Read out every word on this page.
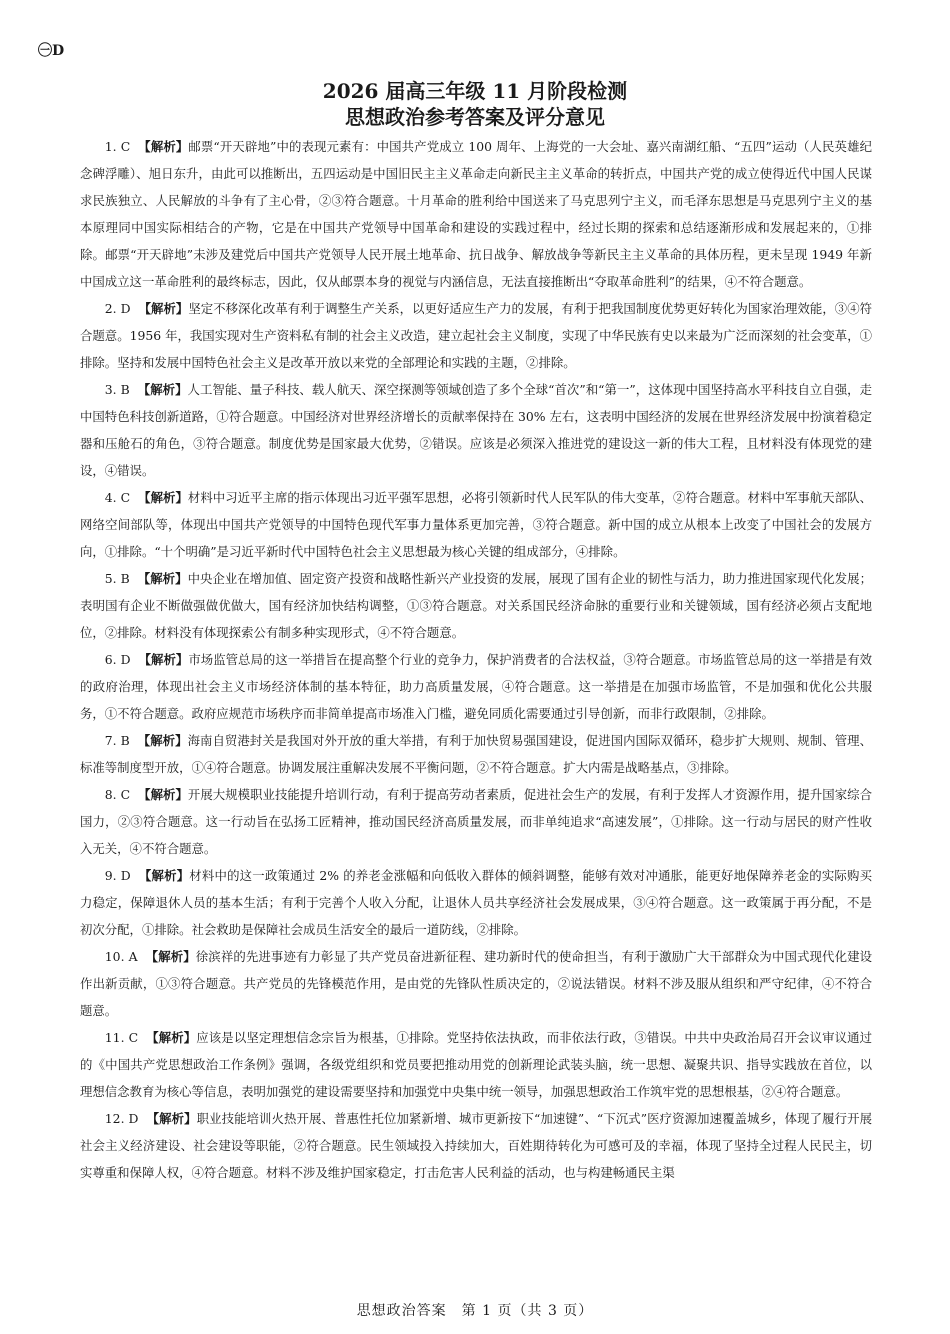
㊀D
2026 届高三年级 11 月阶段检测
思想政治参考答案及评分意见

1. C 【解析】邮票“开天辟地”中的表现元素有：中国共产党成立 100 周年、上海党的一大会址、嘉兴南湖红船、“五四”运动（人民英雄纪念碑浮雕）、旭日东升，由此可以推断出，五四运动是中国旧民主主义革命走向新民主主义革命的转折点，中国共产党的成立使得近代中国人民谋求民族独立、人民解放的斗争有了主心骨，②③符合题意。十月革命的胜利给中国送来了马克思列宁主义，而毛泽东思想是马克思列宁主义的基本原理同中国实际相结合的产物，它是在中国共产党领导中国革命和建设的实践过程中，经过长期的探索和总结逐渐形成和发展起来的，①排除。邮票“开天辟地”未涉及建党后中国共产党领导人民开展土地革命、抗日战争、解放战争等新民主主义革命的具体历程，更未呈现 1949 年新中国成立这一革命胜利的最终标志，因此，仅从邮票本身的视觉与内涵信息，无法直接推断出“夺取革命胜利”的结果，④不符合题意。

2. D 【解析】坚定不移深化改革有利于调整生产关系，以更好适应生产力的发展，有利于把我国制度优势更好转化为国家治理效能，③④符合题意。1956 年，我国实现对生产资料私有制的社会主义改造，建立起社会主义制度，实现了中华民族有史以来最为广泛而深刻的社会变革，①排除。坚持和发展中国特色社会主义是改革开放以来党的全部理论和实践的主题，②排除。

3. B 【解析】人工智能、量子科技、载人航天、深空探测等领域创造了多个全球“首次”和“第一”，这体现中国坚持高水平科技自立自强，走中国特色科技创新道路，①符合题意。中国经济对世界经济增长的贡献率保持在 30% 左右，这表明中国经济的发展在世界经济发展中扮演着稳定器和压舱石的角色，③符合题意。制度优势是国家最大优势，②错误。应该是必须深入推进党的建设这一新的伟大工程，且材料没有体现党的建设，④错误。

4. C 【解析】材料中习近平主席的指示体现出习近平强军思想，必将引领新时代人民军队的伟大变革，②符合题意。材料中军事航天部队、网络空间部队等，体现出中国共产党领导的中国特色现代军事力量体系更加完善，③符合题意。新中国的成立从根本上改变了中国社会的发展方向，①排除。“十个明确”是习近平新时代中国特色社会主义思想最为核心关键的组成部分，④排除。

5. B 【解析】中央企业在增加值、固定资产投资和战略性新兴产业投资的发展，展现了国有企业的韧性与活力，助力推进国家现代化发展；表明国有企业不断做强做优做大，国有经济加快结构调整，①③符合题意。对关系国民经济命脉的重要行业和关键领域，国有经济必须占支配地位，②排除。材料没有体现探索公有制多种实现形式，④不符合题意。

6. D 【解析】市场监管总局的这一举措旨在提高整个行业的竞争力，保护消费者的合法权益，③符合题意。市场监管总局的这一举措是有效的政府治理，体现出社会主义市场经济体制的基本特征，助力高质量发展，④符合题意。这一举措是在加强市场监管，不是加强和优化公共服务，①不符合题意。政府应规范市场秩序而非简单提高市场准入门槛，避免同质化需要通过引导创新，而非行政限制，②排除。

7. B 【解析】海南自贸港封关是我国对外开放的重大举措，有利于加快贸易强国建设，促进国内国际双循环，稳步扩大规则、规制、管理、标准等制度型开放，①④符合题意。协调发展注重解决发展不平衡问题，②不符合题意。扩大内需是战略基点，③排除。

8. C 【解析】开展大规模职业技能提升培训行动，有利于提高劳动者素质，促进社会生产的发展，有利于发挥人才资源作用，提升国家综合国力，②③符合题意。这一行动旨在弘扬工匠精神，推动国民经济高质量发展，而非单纯追求“高速发展”，①排除。这一行动与居民的财产性收入无关，④不符合题意。

9. D 【解析】材料中的这一政策通过 2% 的养老金涨幅和向低收入群体的倾斜调整，能够有效对冲通胀，能更好地保障养老金的实际购买力稳定，保障退休人员的基本生活；有利于完善个人收入分配，让退休人员共享经济社会发展成果，③④符合题意。这一政策属于再分配，不是初次分配，①排除。社会救助是保障社会成员生活安全的最后一道防线，②排除。

10. A 【解析】徐滨祥的先进事迹有力彰显了共产党员奋进新征程、建功新时代的使命担当，有利于激励广大干部群众为中国式现代化建设作出新贡献，①③符合题意。共产党员的先锋模范作用，是由党的先锋队性质决定的，②说法错误。材料不涉及服从组织和严守纪律，④不符合题意。

11. C 【解析】应该是以坚定理想信念宗旨为根基，①排除。党坚持依法执政，而非依法行政，③错误。中共中央政治局召开会议审议通过的《中国共产党思想政治工作条例》强调，各级党组织和党员要把推动用党的创新理论武装头脑，统一思想、凝聚共识、指导实践放在首位，以理想信念教育为核心等信息，表明加强党的建设需要坚持和加强党中央集中统一领导，加强思想政治工作筑牢党的思想根基，②④符合题意。

12. D 【解析】职业技能培训火热开展、普惠性托位加紧新增、城市更新按下“加速键”、“下沉式”医疗资源加速覆盖城乡，体现了履行开展社会主义经济建设、社会建设等职能，②符合题意。民生领域投入持续加大，百姓期待转化为可感可及的幸福，体现了坚持全过程人民民主，切实尊重和保障人权，④符合题意。材料不涉及维护国家稳定，打击危害人民利益的活动，也与构建畅通民主渠

思想政治答案　第 1 页（共 3 页）
